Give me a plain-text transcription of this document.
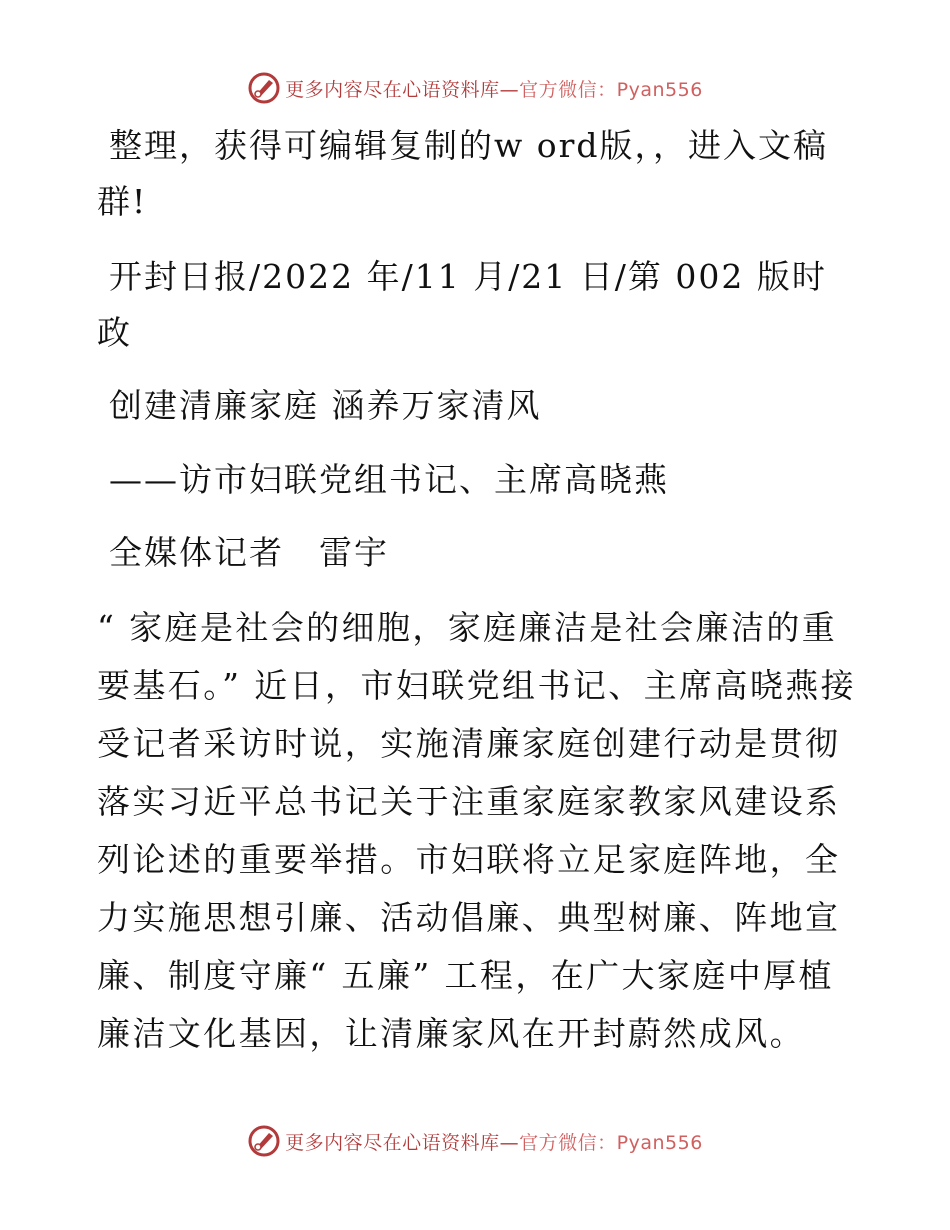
更多内容尽在心语资料库—官方微信：Pyan556

整理，获得可编辑复制的w ord版，，进入文稿群!

开封日报/2022 年/11 月/21 日/第 002 版时政

创建清廉家庭 涵养万家清风

——访市妇联党组书记、主席高晓燕

全媒体记者　雷宇

“ 家庭是社会的细胞，家庭廉洁是社会廉洁的重要基石。” 近日，市妇联党组书记、主席高晓燕接受记者采访时说，实施清廉家庭创建行动是贯彻落实习近平总书记关于注重家庭家教家风建设系列论述的重要举措。市妇联将立足家庭阵地，全力实施思想引廉、活动倡廉、典型树廉、阵地宣廉、制度守廉“ 五廉” 工程，在广大家庭中厚植廉洁文化基因，让清廉家风在开封蔚然成风。

更多内容尽在心语资料库—官方微信：Pyan556
